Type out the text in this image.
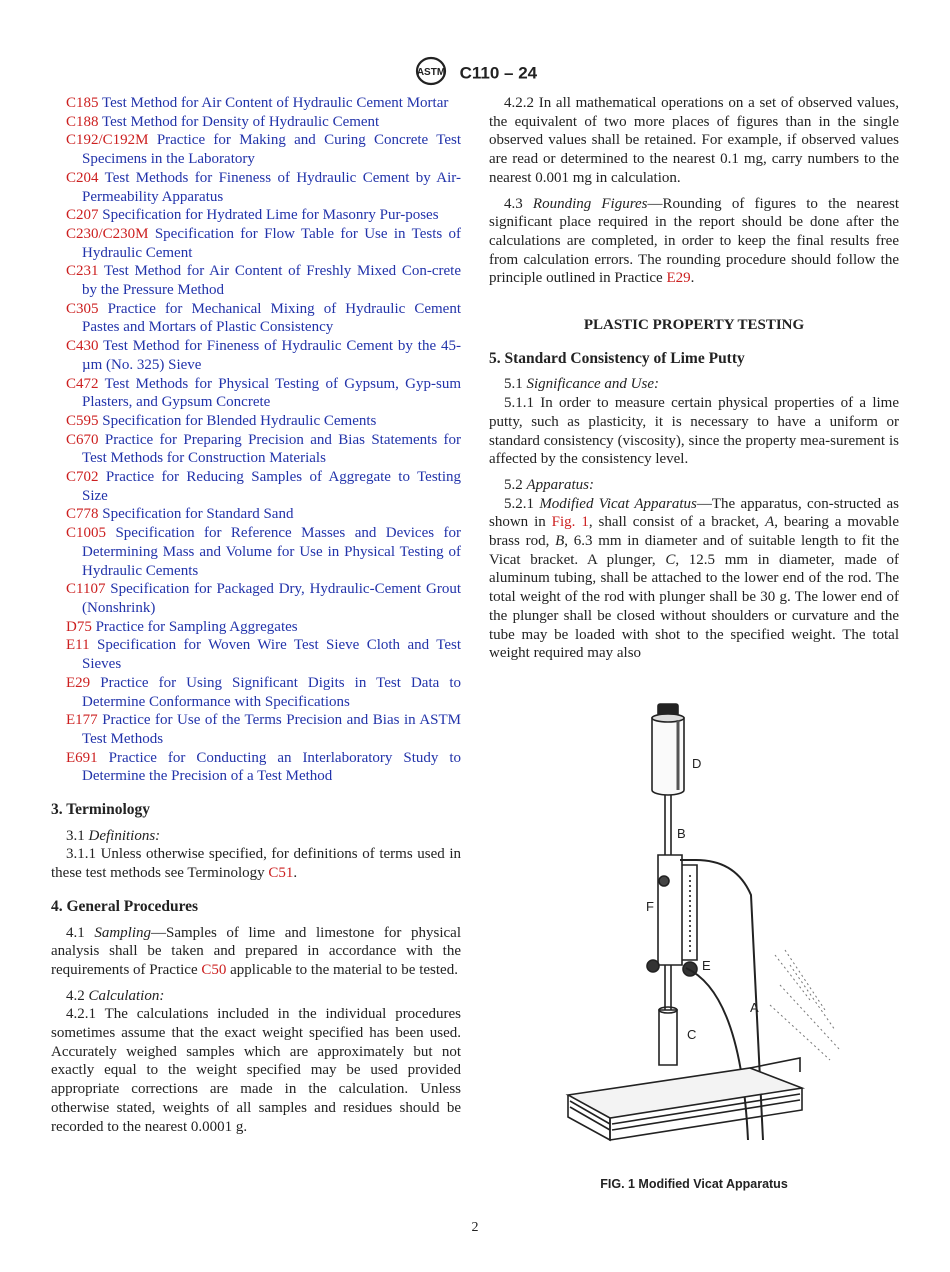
ASTM C110 – 24

C185 Test Method for Air Content of Hydraulic Cement Mortar

C188 Test Method for Density of Hydraulic Cement

C192/C192M Practice for Making and Curing Concrete Test Specimens in the Laboratory

C204 Test Methods for Fineness of Hydraulic Cement by Air-Permeability Apparatus

C207 Specification for Hydrated Lime for Masonry Pur-poses

C230/C230M Specification for Flow Table for Use in Tests of Hydraulic Cement

C231 Test Method for Air Content of Freshly Mixed Con-crete by the Pressure Method

C305 Practice for Mechanical Mixing of Hydraulic Cement Pastes and Mortars of Plastic Consistency

C430 Test Method for Fineness of Hydraulic Cement by the 45-µm (No. 325) Sieve

C472 Test Methods for Physical Testing of Gypsum, Gyp-sum Plasters, and Gypsum Concrete

C595 Specification for Blended Hydraulic Cements

C670 Practice for Preparing Precision and Bias Statements for Test Methods for Construction Materials

C702 Practice for Reducing Samples of Aggregate to Testing Size

C778 Specification for Standard Sand

C1005 Specification for Reference Masses and Devices for Determining Mass and Volume for Use in Physical Testing of Hydraulic Cements

C1107 Specification for Packaged Dry, Hydraulic-Cement Grout (Nonshrink)

D75 Practice for Sampling Aggregates

E11 Specification for Woven Wire Test Sieve Cloth and Test Sieves

E29 Practice for Using Significant Digits in Test Data to Determine Conformance with Specifications

E177 Practice for Use of the Terms Precision and Bias in ASTM Test Methods

E691 Practice for Conducting an Interlaboratory Study to Determine the Precision of a Test Method

3. Terminology

3.1 Definitions:

3.1.1 Unless otherwise specified, for definitions of terms used in these test methods see Terminology C51.

4. General Procedures

4.1 Sampling—Samples of lime and limestone for physical analysis shall be taken and prepared in accordance with the requirements of Practice C50 applicable to the material to be tested.

4.2 Calculation:

4.2.1 The calculations included in the individual procedures sometimes assume that the exact weight specified has been used. Accurately weighed samples which are approximately but not exactly equal to the weight specified may be used provided appropriate corrections are made in the calculation. Unless otherwise stated, weights of all samples and residues should be recorded to the nearest 0.0001 g.

4.2.2 In all mathematical operations on a set of observed values, the equivalent of two more places of figures than in the single observed values shall be retained. For example, if observed values are read or determined to the nearest 0.1 mg, carry numbers to the nearest 0.001 mg in calculation.

4.3 Rounding Figures—Rounding of figures to the nearest significant place required in the report should be done after the calculations are completed, in order to keep the final results free from calculation errors. The rounding procedure should follow the principle outlined in Practice E29.

PLASTIC PROPERTY TESTING

5. Standard Consistency of Lime Putty

5.1 Significance and Use:

5.1.1 In order to measure certain physical properties of a lime putty, such as plasticity, it is necessary to have a uniform or standard consistency (viscosity), since the property mea-surement is affected by the consistency level.

5.2 Apparatus:

5.2.1 Modified Vicat Apparatus—The apparatus, con-structed as shown in Fig. 1, shall consist of a bracket, A, bearing a movable brass rod, B, 6.3 mm in diameter and of suitable length to fit the Vicat bracket. A plunger, C, 12.5 mm in diameter, made of aluminum tubing, shall be attached to the lower end of the rod. The total weight of the rod with plunger shall be 30 g. The lower end of the plunger shall be closed without shoulders or curvature and the tube may be loaded with shot to the specified weight. The total weight required may also

D
B
F
E
A
C
FIG. 1 Modified Vicat Apparatus
2
